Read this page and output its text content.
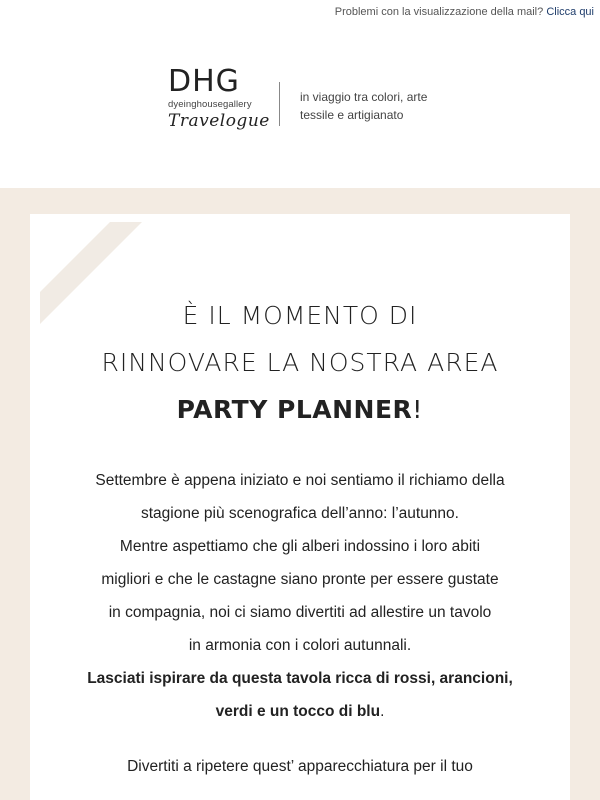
Problemi con la visualizzazione della mail? Clicca qui
DHG
dyeinghousegallery
Travelogue
in viaggio tra colori, arte
tessile e artigianato
È IL MOMENTO DI
RINNOVARE LA NOSTRA AREA
PARTY PLANNER!
Settembre è appena iniziato e noi sentiamo il richiamo della
stagione più scenografica dell’anno: l’autunno.
Mentre aspettiamo che gli alberi indossino i loro abiti
migliori e che le castagne siano pronte per essere gustate
in compagnia, noi ci siamo divertiti ad allestire un tavolo
in armonia con i colori autunnali.
Lasciati ispirare da questa tavola ricca di rossi, arancioni,
verdi e un tocco di blu.
Divertiti a ripetere quest’ apparecchiatura per il tuo
